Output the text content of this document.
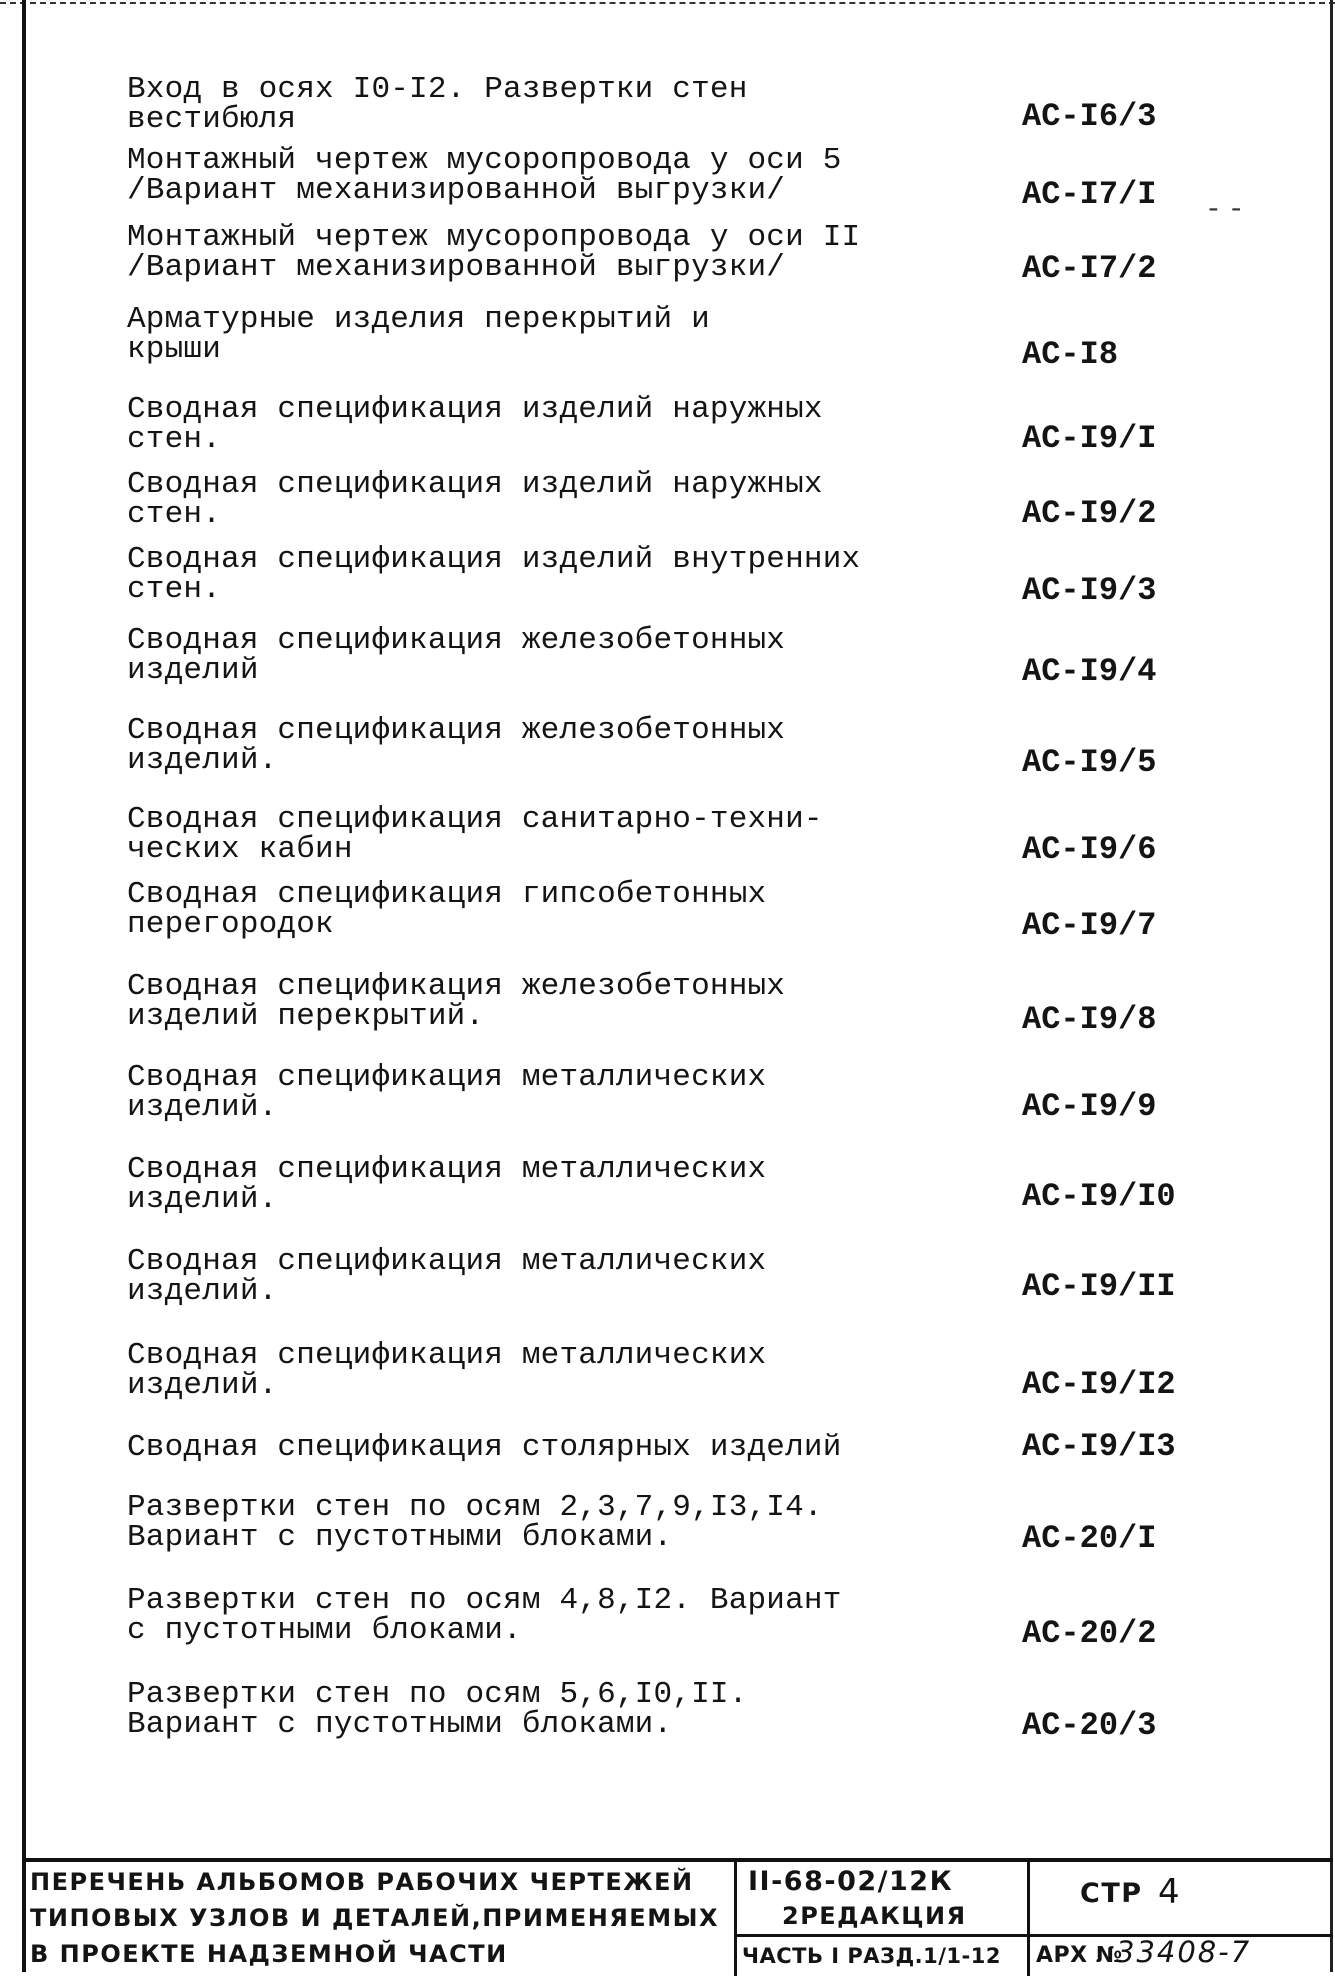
Вход в осях I0-I2. Развертки стен
вестибюля	АС-I6/3
Монтажный чертеж мусоропровода у оси 5
/Вариант механизированной выгрузки/	АС-I7/I	--
Монтажный чертеж мусоропровода у оси II
/Вариант механизированной выгрузки/	АС-I7/2
Арматурные изделия перекрытий и
крыши	АС-I8
Сводная спецификация изделий наружных
стен.	АС-I9/I
Сводная спецификация изделий наружных
стен.	АС-I9/2
Сводная спецификация изделий внутренних
стен.	АС-I9/3
Сводная спецификация железобетонных
изделий	АС-I9/4
Сводная спецификация железобетонных
изделий.	АС-I9/5
Сводная спецификация санитарно-техни-
ческих кабин	АС-I9/6
Сводная спецификация гипсобетонных
перегородок	АС-I9/7
Сводная спецификация железобетонных
изделий перекрытий.	АС-I9/8
Сводная спецификация металлических
изделий.	АС-I9/9
Сводная спецификация металлических
изделий.	АС-I9/I0
Сводная спецификация металлических
изделий.	АС-I9/II
Сводная спецификация металлических
изделий.	АС-I9/I2
Сводная спецификация столярных изделий	АС-I9/I3
Развертки стен по осям 2,3,7,9,I3,I4.
Вариант с пустотными блоками.	АС-20/I
Развертки стен по осям 4,8,I2. Вариант
с пустотными блоками.	АС-20/2
Развертки стен по осям 5,6,I0,II.
Вариант с пустотными блоками.	АС-20/3
ПЕРЕЧЕНЬ АЛЬБОМОВ РАБОЧИХ ЧЕРТЕЖЕЙ
ТИПОВЫХ УЗЛОВ И ДЕТАЛЕЙ,ПРИМЕНЯЕМЫХ
В ПРОЕКТЕ НАДЗЕМНОЙ ЧАСТИ
II-68-02/12К
2РЕДАКЦИЯ
ЧАСТЬ I РАЗД.1/1-12
СТР 4
АРХ №
33408-7
